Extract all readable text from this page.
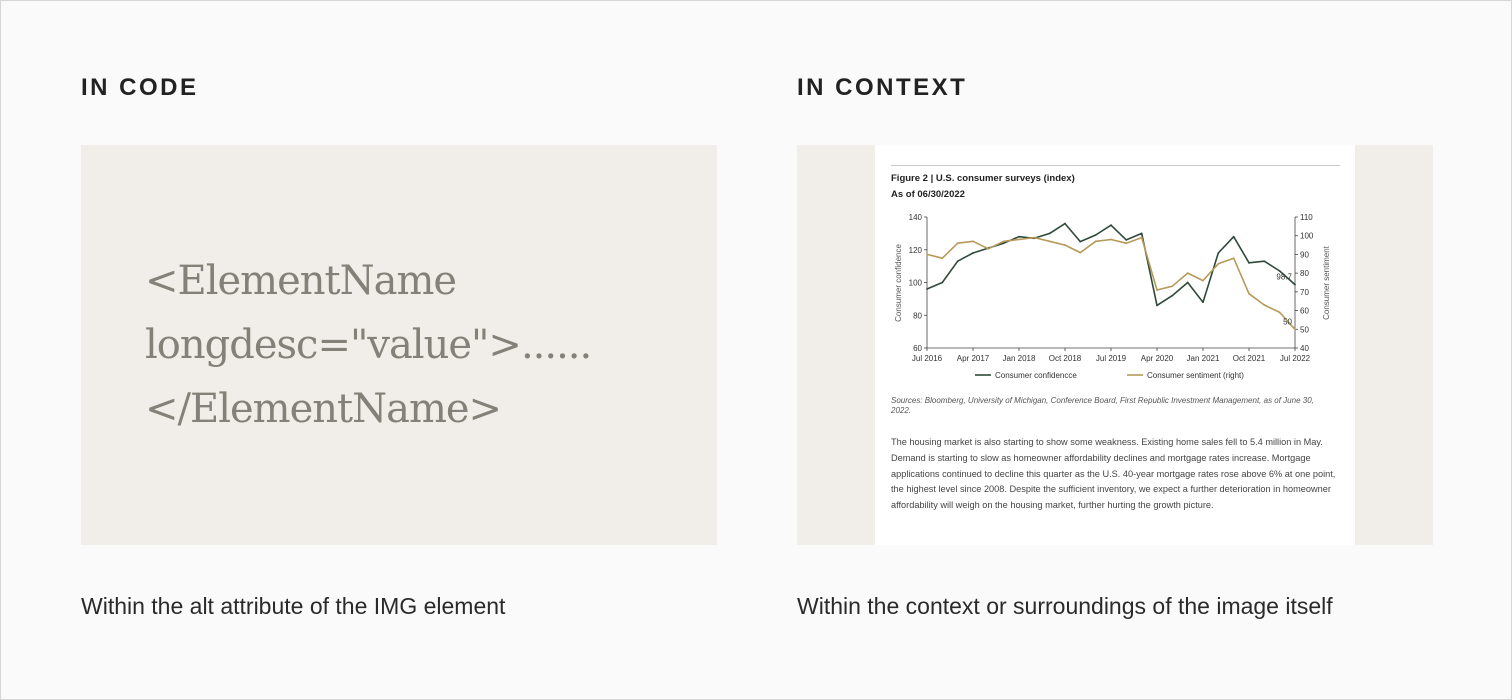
IN CODE
<ElementName
longdesc="value">......
</ElementName>
Within the alt attribute of the IMG element
IN CONTEXT
Figure 2 | U.S. consumer surveys (index)
As of 06/30/2022
Consumer confidence	Consumer sentiment
60
80
100
120
140
40
50
60
70
80
90
100
110
Jul 2016 Apr 2017 Jan 2018 Oct 2018 Jul 2019 Apr 2020 Jan 2021 Oct 2021 Jul 2022
98.7
50
Consumer confidencce	Consumer sentiment (right)
Sources: Bloomberg, University of Michigan, Conference Board, First Republic Investment Management, as of June 30, 2022.
The housing market is also starting to show some weakness. Existing home sales fell to 5.4 million in May. Demand is starting to slow as homeowner affordability declines and mortgage rates increase. Mortgage applications continued to decline this quarter as the U.S. 40-year mortgage rates rose above 6% at one point, the highest level since 2008. Despite the sufficient inventory, we expect a further deterioration in homeowner affordability will weigh on the housing market, further hurting the growth picture.
Within the context or surroundings of the image itself
